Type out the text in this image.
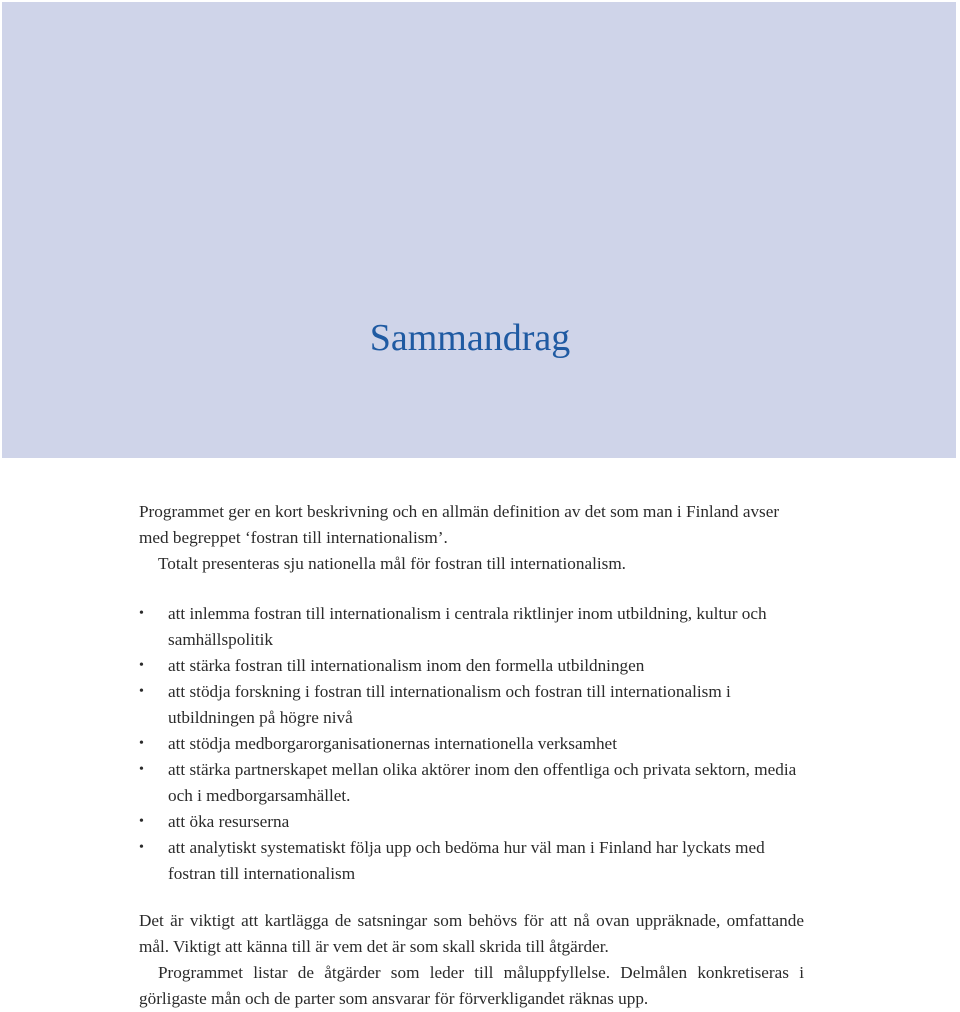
Sammandrag

Programmet ger en kort beskrivning och en allmän definition av det som man i Finland avser med begreppet ‘fostran till internationalism’.

Totalt presenteras sju nationella mål för fostran till internationalism.

• att inlemma fostran till internationalism i centrala riktlinjer inom utbildning, kultur och samhällspolitik
• att stärka fostran till internationalism inom den formella utbildningen
• att stödja forskning i fostran till internationalism och fostran till internationalism i utbildningen på högre nivå
• att stödja medborgarorganisationernas internationella verksamhet
• att stärka partnerskapet mellan olika aktörer inom den offentliga och privata sektorn, media och i medborgarsamhället.
• att öka resurserna
• att analytiskt systematiskt följa upp och bedöma hur väl man i Finland har lyckats med fostran till internationalism

Det är viktigt att kartlägga de satsningar som behövs för att nå ovan uppräknade, omfattande mål. Viktigt att känna till är vem det är som skall skrida till åtgärder.

Programmet listar de åtgärder som leder till måluppfyllelse. Delmålen konkretiseras i görligaste mån och de parter som ansvarar för förverkligandet räknas upp.
